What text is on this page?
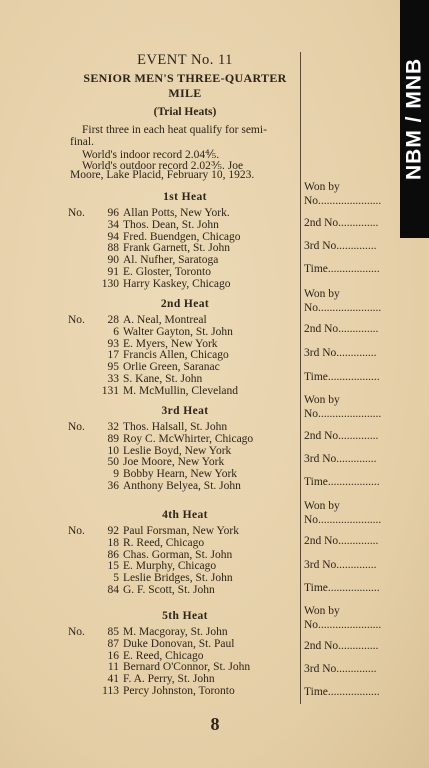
NBM / MNB
EVENT No. 11
SENIOR MEN'S THREE-QUARTER MILE
(Trial Heats)
First three in each heat qualify for semi-
final.
World's indoor record 2.04⅘.
World's outdoor record 2.02⅗. Joe
Moore, Lake Placid, February 10, 1923.
1st Heat
No.	96 Allan Potts, New York.
34 Thos. Dean, St. John
94 Fred. Buendgen, Chicago
88 Frank Garnett, St. John
90 Al. Nufher, Saratoga
91 E. Gloster, Toronto
130 Harry Kaskey, Chicago
Won by
No......................
2nd No..............
3rd No..............
Time..................
2nd Heat
No.	28 A. Neal, Montreal
6 Walter Gayton, St. John
93 E. Myers, New York
17 Francis Allen, Chicago
95 Orlie Green, Saranac
33 S. Kane, St. John
131 M. McMullin, Cleveland
Won by
No......................
2nd No..............
3rd No..............
Time..................
3rd Heat
No.	32 Thos. Halsall, St. John
89 Roy C. McWhirter, Chicago
10 Leslie Boyd, New York
50 Joe Moore, New York
9 Bobby Hearn, New York
36 Anthony Belyea, St. John
Won by
No......................
2nd No..............
3rd No..............
Time..................
4th Heat
No.	92 Paul Forsman, New York
18 R. Reed, Chicago
86 Chas. Gorman, St. John
15 E. Murphy, Chicago
5 Leslie Bridges, St. John
84 G. F. Scott, St. John
Won by
No......................
2nd No..............
3rd No..............
Time..................
5th Heat
No.	85 M. Macgoray, St. John
87 Duke Donovan, St. Paul
16 E. Reed, Chicago
11 Bernard O'Connor, St. John
41 F. A. Perry, St. John
113 Percy Johnston, Toronto
Won by
No......................
2nd No..............
3rd No..............
Time..................
8
